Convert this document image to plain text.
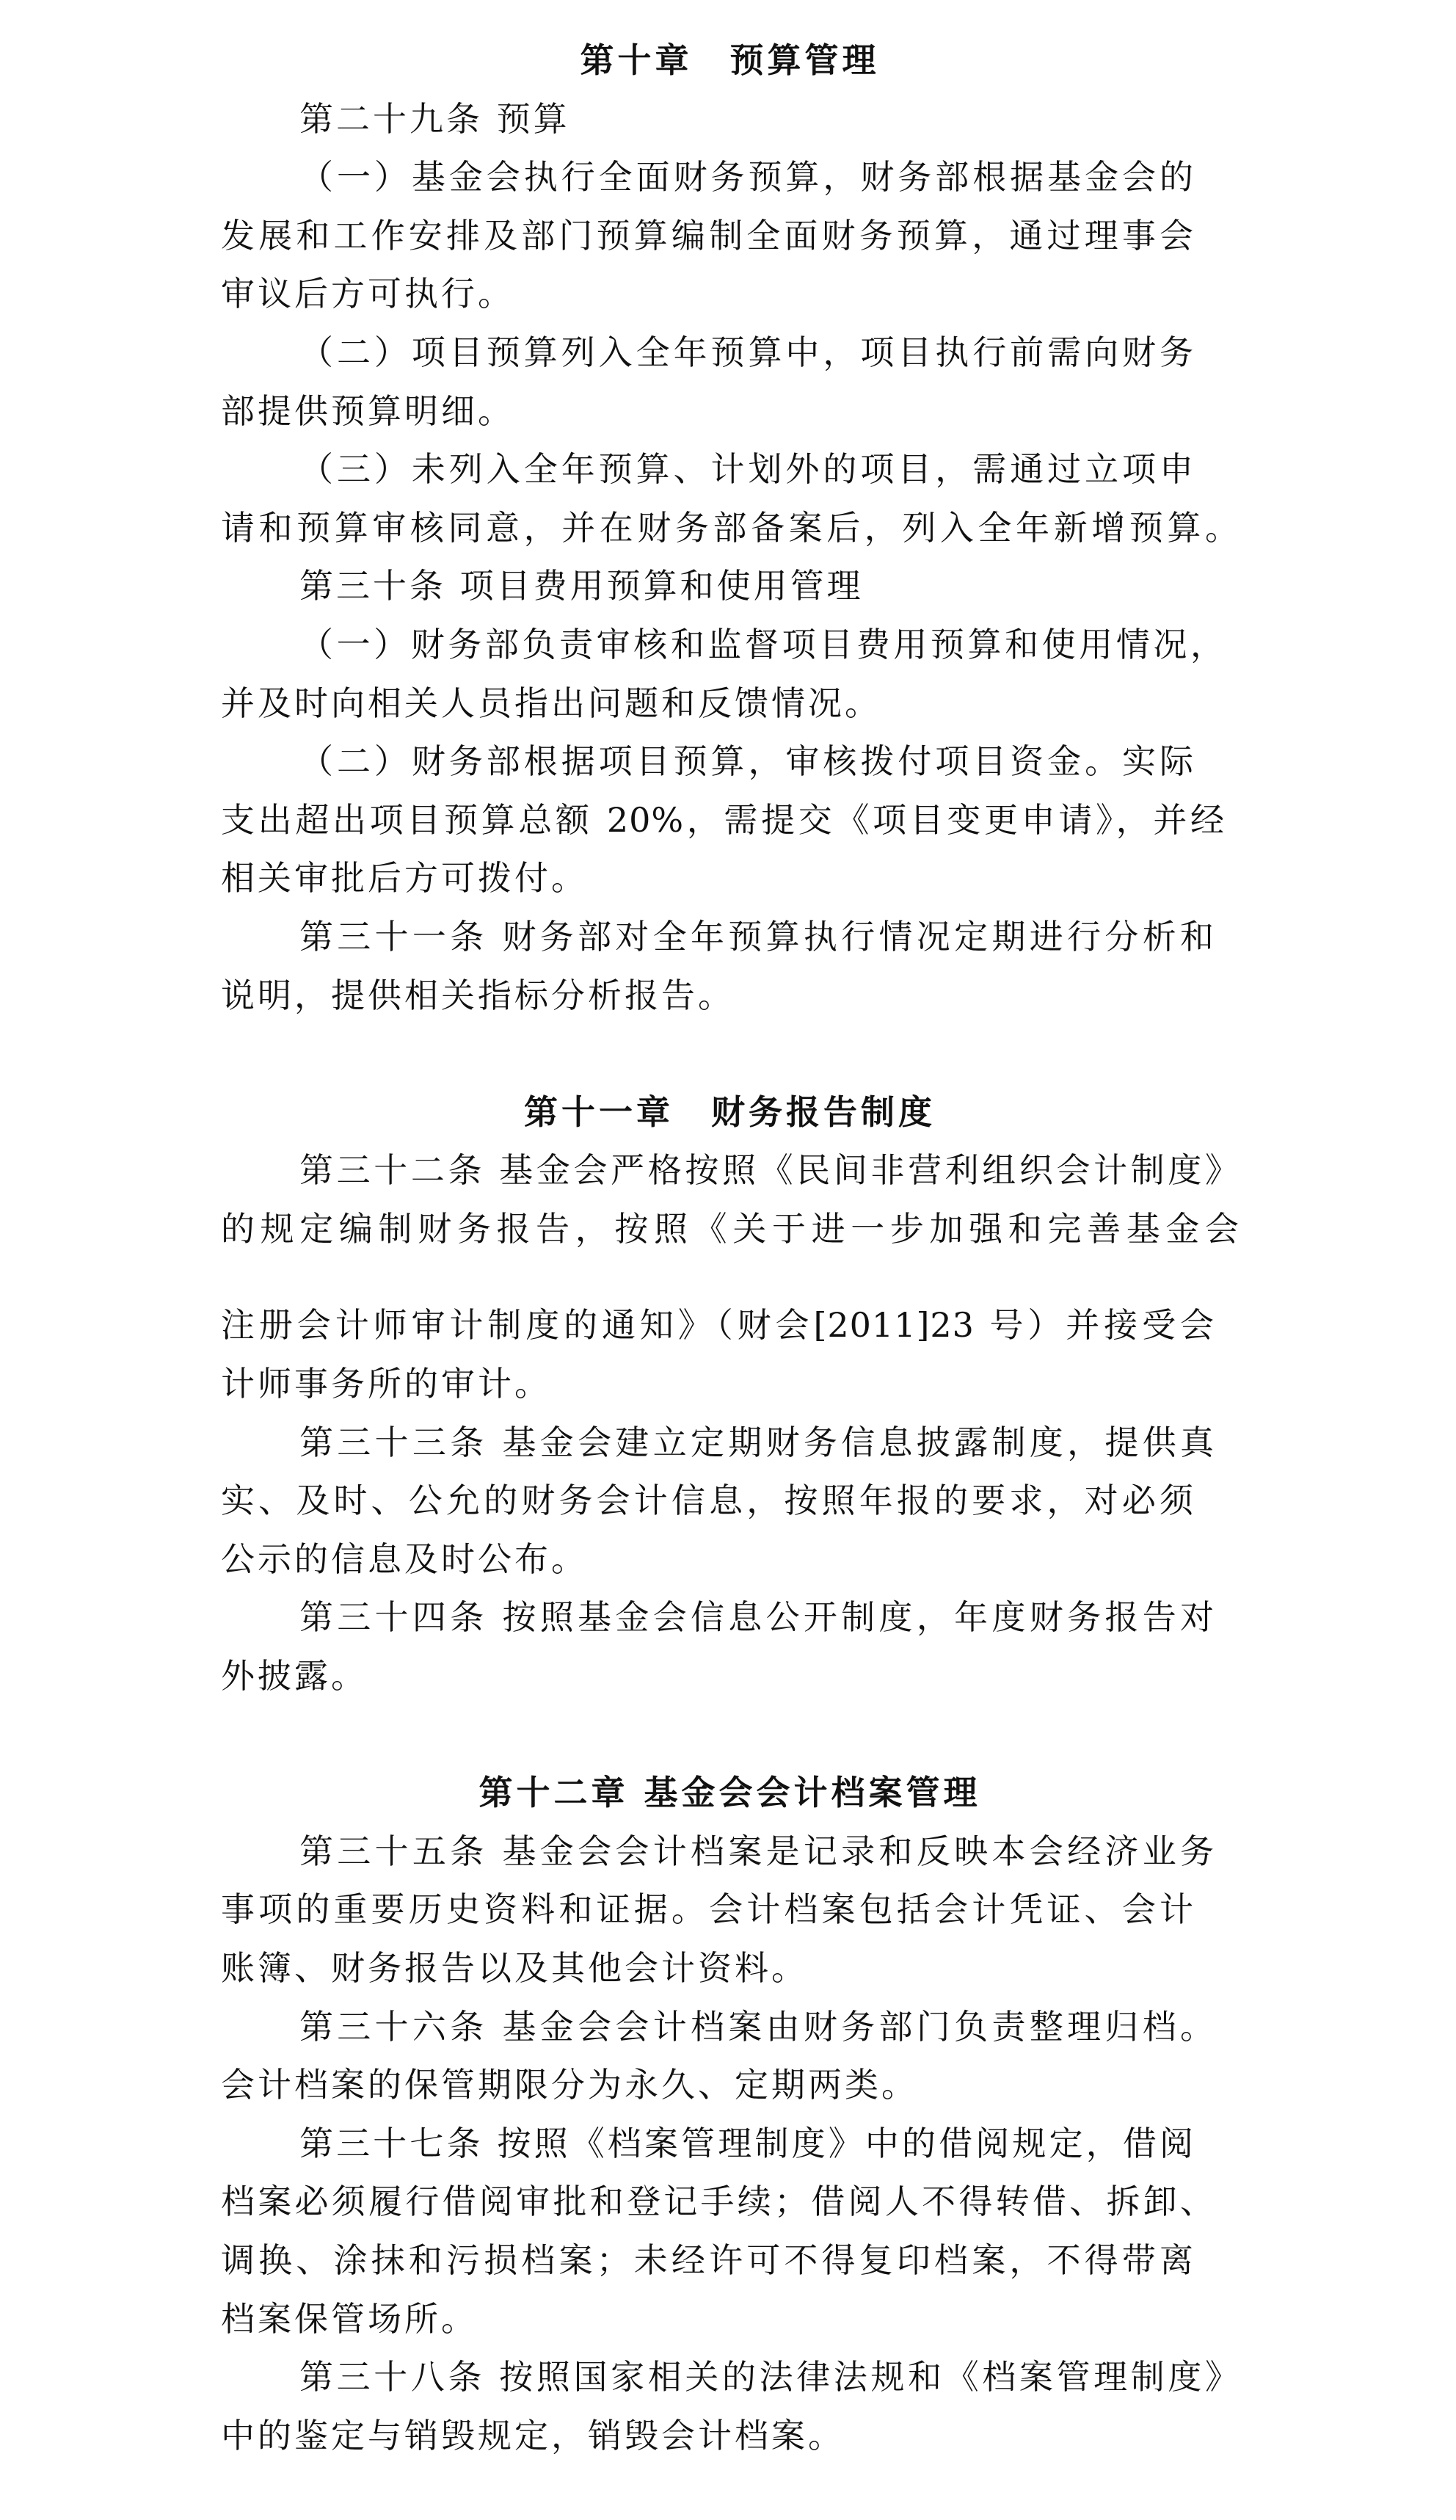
第十章　预算管理
第二十九条 预算
（一）基金会执行全面财务预算，财务部根据基金会的
发展和工作安排及部门预算编制全面财务预算，通过理事会
审议后方可执行。
（二）项目预算列入全年预算中，项目执行前需向财务
部提供预算明细。
（三）未列入全年预算、计划外的项目，需通过立项申
请和预算审核同意，并在财务部备案后，列入全年新增预算。
第三十条 项目费用预算和使用管理
（一）财务部负责审核和监督项目费用预算和使用情况，
并及时向相关人员指出问题和反馈情况。
（二）财务部根据项目预算，审核拨付项目资金。实际
支出超出项目预算总额 20%，需提交《项目变更申请》，并经
相关审批后方可拨付。
第三十一条 财务部对全年预算执行情况定期进行分析和
说明，提供相关指标分析报告。
第十一章　财务报告制度
第三十二条 基金会严格按照《民间非营利组织会计制度》
的规定编制财务报告，按照《关于进一步加强和完善基金会
注册会计师审计制度的通知》（财会[2011]23 号）并接受会
计师事务所的审计。
第三十三条 基金会建立定期财务信息披露制度，提供真
实、及时、公允的财务会计信息，按照年报的要求，对必须
公示的信息及时公布。
第三十四条 按照基金会信息公开制度，年度财务报告对
外披露。
第十二章 基金会会计档案管理
第三十五条 基金会会计档案是记录和反映本会经济业务
事项的重要历史资料和证据。会计档案包括会计凭证、会计
账簿、财务报告以及其他会计资料。
第三十六条 基金会会计档案由财务部门负责整理归档。
会计档案的保管期限分为永久、定期两类。
第三十七条 按照《档案管理制度》中的借阅规定，借阅
档案必须履行借阅审批和登记手续；借阅人不得转借、拆卸、
调换、涂抹和污损档案；未经许可不得复印档案，不得带离
档案保管场所。
第三十八条 按照国家相关的法律法规和《档案管理制度》
中的鉴定与销毁规定，销毁会计档案。
